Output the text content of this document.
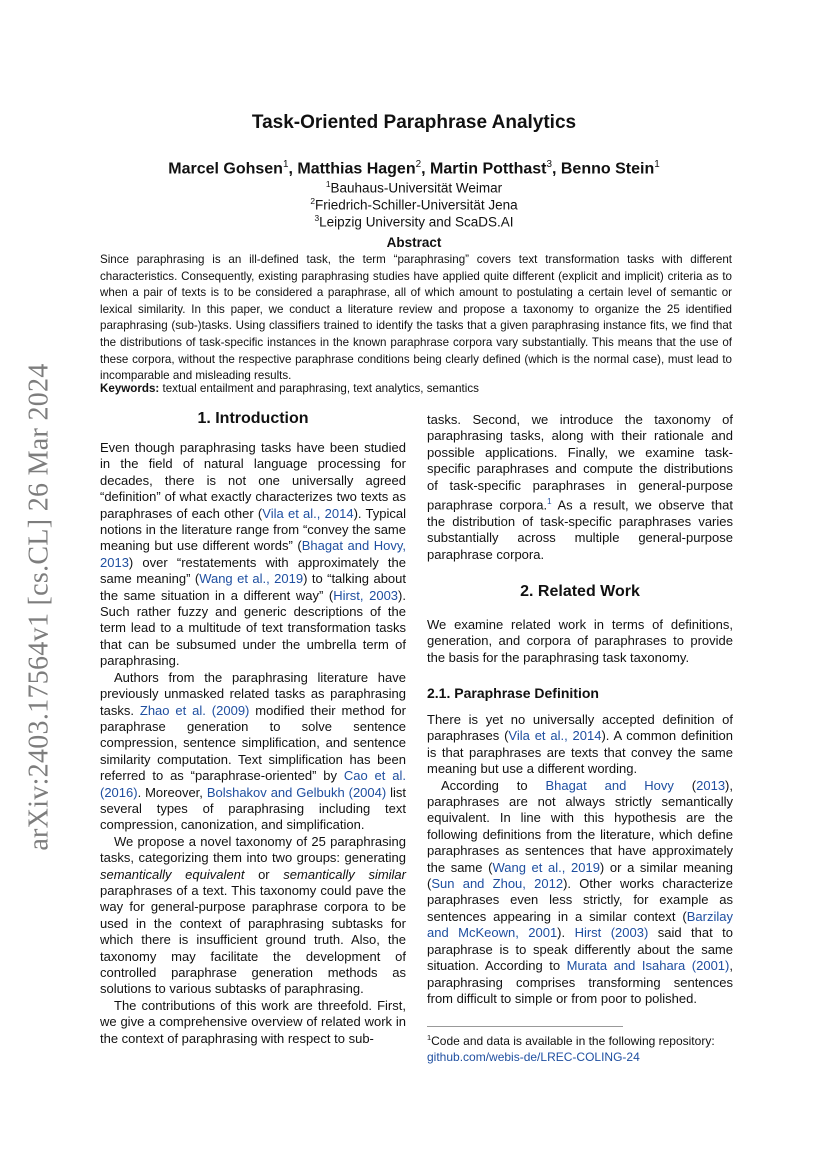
arXiv:2403.17564v1 [cs.CL] 26 Mar 2024
Task-Oriented Paraphrase Analytics
Marcel Gohsen$^1$, Matthias Hagen$^2$, Martin Potthast$^3$, Benno Stein$^1$
$^1$Bauhaus-Universität Weimar
$^2$Friedrich-Schiller-Universität Jena
$^3$Leipzig University and ScaDS.AI
Abstract
Since paraphrasing is an ill-defined task, the term “paraphrasing” covers text transformation tasks with different characteristics. Consequently, existing paraphrasing studies have applied quite different (explicit and implicit) criteria as to when a pair of texts is to be considered a paraphrase, all of which amount to postulating a certain level of semantic or lexical similarity. In this paper, we conduct a literature review and propose a taxonomy to organize the 25 identified paraphrasing (sub-)tasks. Using classifiers trained to identify the tasks that a given paraphrasing instance fits, we find that the distributions of task-specific instances in the known paraphrase corpora vary substantially. This means that the use of these corpora, without the respective paraphrase conditions being clearly defined (which is the normal case), must lead to incomparable and misleading results.
Keywords: textual entailment and paraphrasing, text analytics, semantics
1. Introduction

Even though paraphrasing tasks have been studied in the field of natural language processing for decades, there is not one universally agreed “definition” of what exactly characterizes two texts as paraphrases of each other (Vila et al., 2014). Typical notions in the literature range from “convey the same meaning but use different words” (Bhagat and Hovy, 2013) over “restatements with approximately the same meaning” (Wang et al., 2019) to “talking about the same situation in a different way” (Hirst, 2003). Such rather fuzzy and generic descriptions of the term lead to a multitude of text transformation tasks that can be subsumed under the umbrella term of paraphrasing.

Authors from the paraphrasing literature have previously unmasked related tasks as paraphrasing tasks. Zhao et al. (2009) modified their method for paraphrase generation to solve sentence compression, sentence simplification, and sentence similarity computation. Text simplification has been referred to as “paraphrase-oriented” by Cao et al. (2016). Moreover, Bolshakov and Gelbukh (2004) list several types of paraphrasing including text compression, canonization, and simplification.

We propose a novel taxonomy of 25 paraphrasing tasks, categorizing them into two groups: generating semantically equivalent or semantically similar paraphrases of a text. This taxonomy could pave the way for general-purpose paraphrase corpora to be used in the context of paraphrasing subtasks for which there is insufficient ground truth. Also, the taxonomy may facilitate the development of controlled paraphrase generation methods as solutions to various subtasks of paraphrasing.

The contributions of this work are threefold. First, we give a comprehensive overview of related work in the context of paraphrasing with respect to sub-

tasks. Second, we introduce the taxonomy of paraphrasing tasks, along with their rationale and possible applications. Finally, we examine task-specific paraphrases and compute the distributions of task-specific paraphrases in general-purpose paraphrase corpora.$^1$ As a result, we observe that the distribution of task-specific paraphrases varies substantially across multiple general-purpose paraphrase corpora.

2. Related Work

We examine related work in terms of definitions, generation, and corpora of paraphrases to provide the basis for the paraphrasing task taxonomy.

2.1. Paraphrase Definition

There is yet no universally accepted definition of paraphrases (Vila et al., 2014). A common definition is that paraphrases are texts that convey the same meaning but use a different wording.

According to Bhagat and Hovy (2013), paraphrases are not always strictly semantically equivalent. In line with this hypothesis are the following definitions from the literature, which define paraphrases as sentences that have approximately the same (Wang et al., 2019) or a similar meaning (Sun and Zhou, 2012). Other works characterize paraphrases even less strictly, for example as sentences appearing in a similar context (Barzilay and McKeown, 2001). Hirst (2003) said that to paraphrase is to speak differently about the same situation. According to Murata and Isahara (2001), paraphrasing comprises transforming sentences from difficult to simple or from poor to polished.

$^1$Code and data is available in the following repository:
github.com/webis-de/LREC-COLING-24
